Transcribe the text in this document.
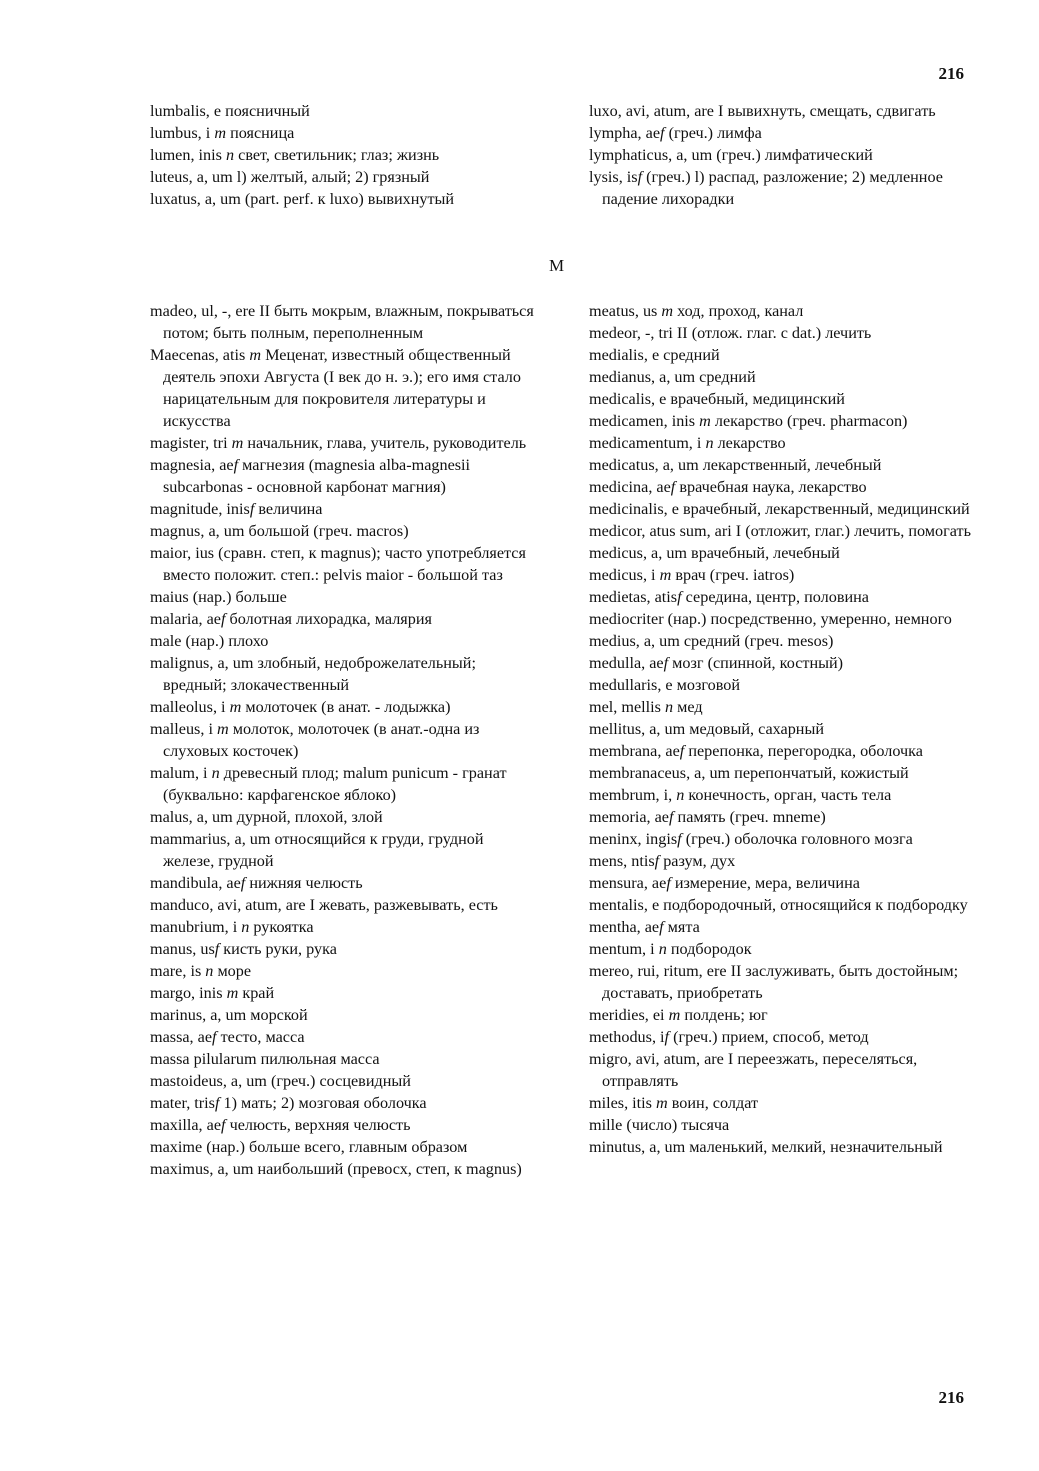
216
lumbalis, e поясничный
lumbus, i m поясница
lumen, inis n свет, светильник; глаз; жизнь
luteus, a, um l) желтый, алый; 2) грязный
luxatus, a, um (part. perf. к luxo) вывихнутый
luxo, avi, atum, are I вывихнуть, смещать, сдвигать
lympha, aef (греч.) лимфа
lymphaticus, a, um (греч.) лимфатический
lysis, isf (греч.) l) распад, разложение; 2) медленное падение лихорадки
M
madeo, ul, -, ere II быть мокрым, влажным, покрываться потом; быть полным, переполненным
Maecenas, atis m Меценат, известный общественный деятель эпохи Августа (I век до н. э.); его имя стало нарицательным для покровителя литературы и искусства
magister, tri m начальник, глава, учитель, руководитель
magnesia, aef магнезия (magnesia alba-magnesii subcarbonas - основной карбонат магния)
magnitude, inisf величина
magnus, a, um большой (греч. macros)
maior, ius (сравн. степ, к magnus); часто употребляется вместо положит. степ.: pelvis maior - большой таз
maius (нар.) больше
malaria, aef болотная лихорадка, малярия
male (нар.) плохо
malignus, a, um злобный, недоброжелательный; вредный; злокачественный
malleolus, i m молоточек (в анат. - лодыжка)
malleus, i m молоток, молоточек (в анат.-одна из слуховых косточек)
malum, i n древесный плод; malum punicum - гранат (буквально: карфагенское яблоко)
malus, a, um дурной, плохой, злой
mammarius, a, um относящийся к груди, грудной железе, грудной
mandibula, aef нижняя челюсть
manduco, avi, atum, are I жевать, разжевывать, есть
manubrium, i n рукоятка
manus, usf кисть руки, рука
mare, is n море
margo, inis m край
marinus, a, um морской
massa, aef тесто, масса
massa pilularum пилюльная масса
mastoideus, a, um (греч.) сосцевидный
mater, trisf 1) мать; 2) мозговая оболочка
maxilla, aef челюсть, верхняя челюсть
maxime (нар.) больше всего, главным образом
maximus, a, um наибольший (превосх, степ, к magnus)
meatus, us m ход, проход, канал
medeor, -, tri II (отлож. глаг. с dat.) лечить
medialis, e средний
medianus, a, um средний
medicalis, e врачебный, медицинский
medicamen, inis m лекарство (греч. pharmacon)
medicamentum, i n лекарство
medicatus, a, um лекарственный, лечебный
medicina, aef врачебная наука, лекарство
medicinalis, e врачебный, лекарственный, медицинский
medicor, atus sum, ari I (отложит, глаг.) лечить, помогать
medicus, a, um врачебный, лечебный
medicus, i m врач (греч. iatros)
medietas, atisf середина, центр, половина
mediocriter (нар.) посредственно, умеренно, немного
medius, a, um средний (греч. mesos)
medulla, aef мозг (спинной, костный)
medullaris, e мозговой
mel, mellis n мед
mellitus, a, um медовый, сахарный
membrana, aef перепонка, перегородка, оболочка
membranaceus, a, um перепончатый, кожистый
membrum, i, n конечность, орган, часть тела
memoria, aef память (греч. mneme)
meninx, ingisf (греч.) оболочка головного мозга
mens, ntisf разум, дух
mensura, aef измерение, мера, величина
mentalis, e подбородочный, относящийся к подбородку
mentha, aef мята
mentum, i n подбородок
mereo, rui, ritum, ere II заслуживать, быть достойным; доставать, приобретать
meridies, ei m полдень; юг
methodus, if (греч.) прием, способ, метод
migro, avi, atum, are I переезжать, переселяться, отправлять
miles, itis m воин, солдат
mille (число) тысяча
minutus, a, um маленький, мелкий, незначительный
216
